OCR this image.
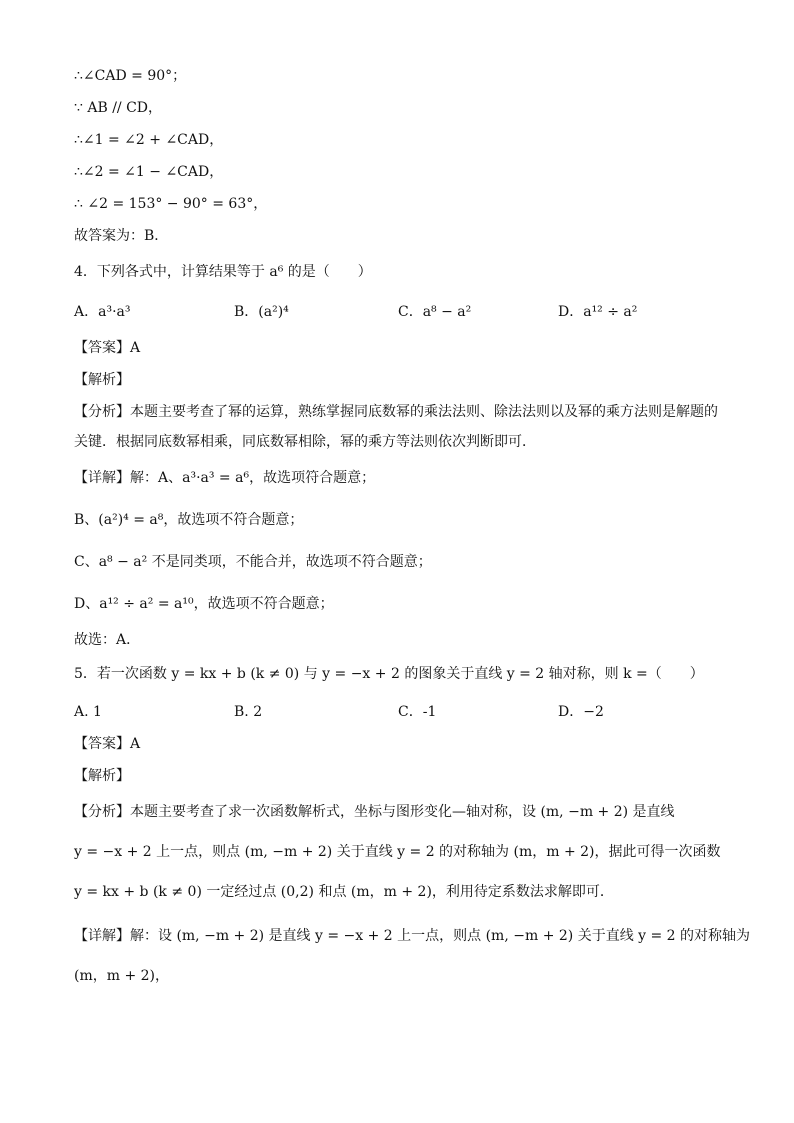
∴∠CAD = 90°；
∵ AB // CD，
∴∠1 = ∠2 + ∠CAD，
∴∠2 = ∠1 − ∠CAD，
∴ ∠2 = 153° − 90° = 63°，
故答案为：B．
4．下列各式中，计算结果等于 a⁶ 的是（　　）
A．a³·a³	B．(a²)⁴	C．a⁸ − a²	D．a¹² ÷ a²
【答案】A
【解析】
【分析】本题主要考查了幂的运算，熟练掌握同底数幂的乘法法则、除法法则以及幂的乘方法则是解题的
关键．根据同底数幂相乘，同底数幂相除，幂的乘方等法则依次判断即可．
【详解】解：A、a³·a³ = a⁶，故选项符合题意；
B、(a²)⁴ = a⁸，故选项不符合题意；
C、a⁸ − a² 不是同类项，不能合并，故选项不符合题意；
D、a¹² ÷ a² = a¹⁰，故选项不符合题意；
故选：A．
5．若一次函数 y = kx + b (k ≠ 0) 与 y = −x + 2 的图象关于直线 y = 2 轴对称，则 k =（　　）
A. 1	B. 2	C．-1	D．−2
【答案】A
【解析】
【分析】本题主要考查了求一次函数解析式，坐标与图形变化—轴对称，设 (m, −m + 2) 是直线
y = −x + 2 上一点，则点 (m, −m + 2) 关于直线 y = 2 的对称轴为 (m，m + 2)，据此可得一次函数
y = kx + b (k ≠ 0) 一定经过点 (0,2) 和点 (m，m + 2)，利用待定系数法求解即可．
【详解】解：设 (m, −m + 2) 是直线 y = −x + 2 上一点，则点 (m, −m + 2) 关于直线 y = 2 的对称轴为
(m，m + 2)，
